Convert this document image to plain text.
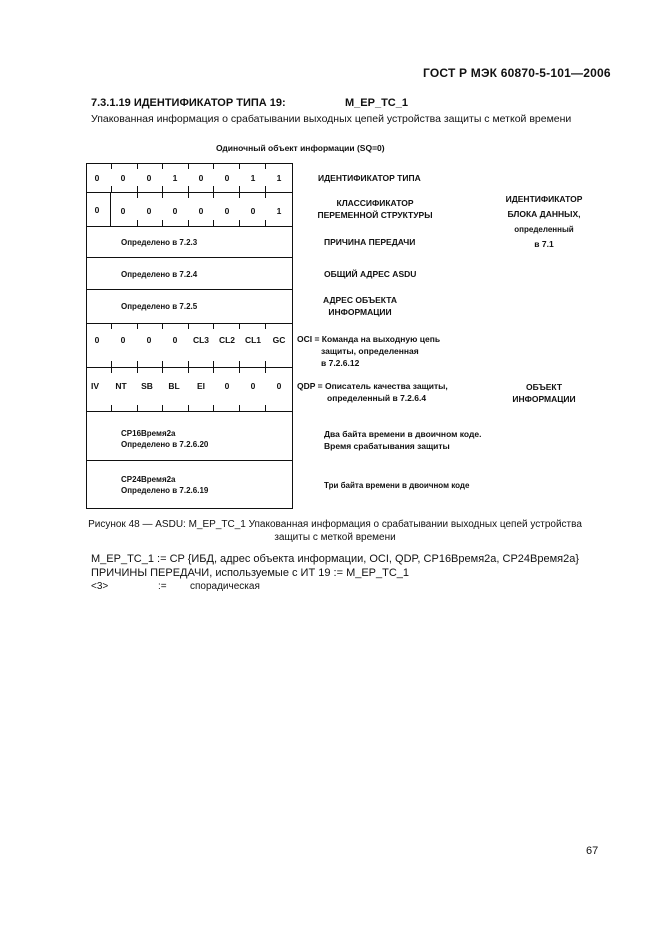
ГОСТ Р МЭК 60870-5-101—2006
7.3.1.19 ИДЕНТИФИКАТОР ТИПА 19:	M_EP_TC_1
Упакованная информация о срабатывании выходных цепей устройства защиты с меткой времени
Одиночный объект информации (SQ=0)
0	0	0	1	0	0	1	1	ИДЕНТИФИКАТОР ТИПА
0	0	0	0	0	0	0	1
КЛАССИФИКАТОР
ПЕРЕМЕННОЙ СТРУКТУРЫ
Определено в 7.2.3	ПРИЧИНА ПЕРЕДАЧИ
Определено в 7.2.4	ОБЩИЙ АДРЕС ASDU
Определено в 7.2.5
АДРЕС ОБЪЕКТА
ИНФОРМАЦИИ
0	0	0	0	CL3	CL2	CL1	GC	OCI = Команда на выходную цепь
защиты, определенная
в 7.2.6.12
IV	NT	SB	BL	EI	0	0	0	QDP = Описатель качества защиты,
определенный в 7.2.6.4
CP16Время2а
Определено в 7.2.6.20
Два байта времени в двоичном коде.
Время срабатывания защиты
CP24Время2а
Определено в 7.2.6.19
Три байта времени в двоичном коде
ИДЕНТИФИКАТОР
БЛОКА ДАННЫХ,
определенный
в 7.1
ОБЪЕКТ
ИНФОРМАЦИИ
Рисунок 48 — ASDU: M_EP_TC_1 Упакованная информация о срабатывании выходных цепей устройства защиты с меткой времени
M_EP_TC_1 := CP {ИБД, адрес объекта информации, OCI, QDP, CP16Время2а, CP24Время2а}
ПРИЧИНЫ ПЕРЕДАЧИ, используемые с ИТ 19 := M_EP_TC_1
<3>	:= спорадическая
67
